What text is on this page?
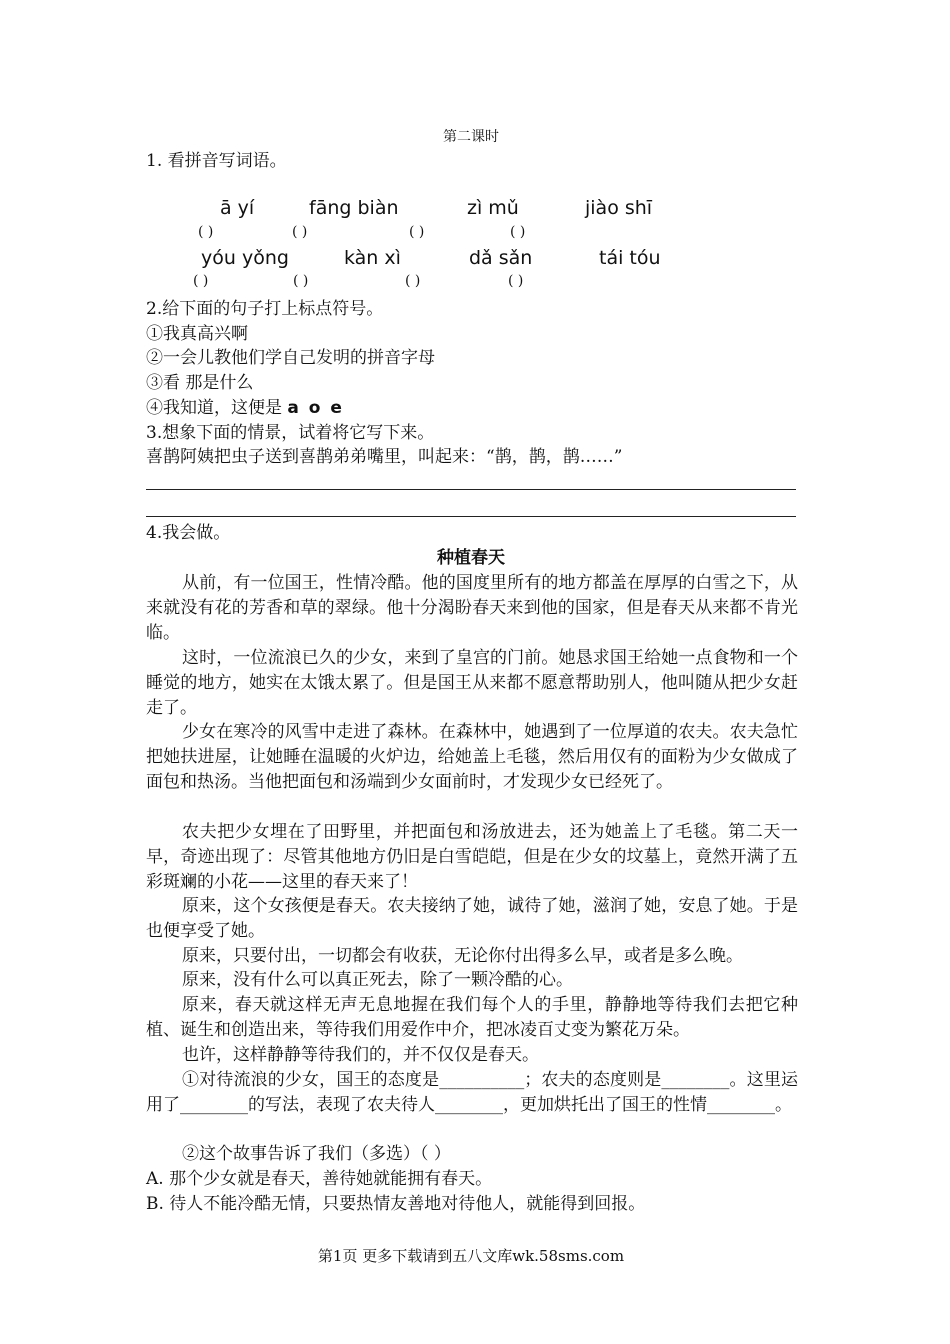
第二课时
1. 看拼音写词语。
ā yí	fāng biàn	zì mǔ	jiào shī
( )	( )	( )	( )
yóu yǒng	kàn xì	dǎ sǎn	tái tóu
( )	( )	( )	( )
2.给下面的句子打上标点符号。
①我真高兴啊
②一会儿教他们学自己发明的拼音字母
③看 那是什么
④我知道，这便是 a o e
3.想象下面的情景，试着将它写下来。
喜鹊阿姨把虫子送到喜鹊弟弟嘴里，叫起来：“鹊，鹊，鹊……”
4.我会做。
种植春天
从前，有一位国王，性情冷酷。他的国度里所有的地方都盖在厚厚的白雪之下，从来就没有花的芳香和草的翠绿。他十分渴盼春天来到他的国家，但是春天从来都不肯光临。
这时，一位流浪已久的少女，来到了皇宫的门前。她恳求国王给她一点食物和一个睡觉的地方，她实在太饿太累了。但是国王从来都不愿意帮助别人，他叫随从把少女赶走了。
少女在寒冷的风雪中走进了森林。在森林中，她遇到了一位厚道的农夫。农夫急忙把她扶进屋，让她睡在温暖的火炉边，给她盖上毛毯，然后用仅有的面粉为少女做成了面包和热汤。当他把面包和汤端到少女面前时，才发现少女已经死了。
农夫把少女埋在了田野里，并把面包和汤放进去，还为她盖上了毛毯。第二天一早，奇迹出现了：尽管其他地方仍旧是白雪皑皑，但是在少女的坟墓上，竟然开满了五彩斑斓的小花——这里的春天来了！
原来，这个女孩便是春天。农夫接纳了她，诚待了她，滋润了她，安息了她。于是也便享受了她。
原来，只要付出，一切都会有收获，无论你付出得多么早，或者是多么晚。
原来，没有什么可以真正死去，除了一颗冷酷的心。
原来，春天就这样无声无息地握在我们每个人的手里，静静地等待我们去把它种植、诞生和创造出来，等待我们用爱作中介，把冰凌百丈变为繁花万朵。
也许，这样静静等待我们的，并不仅仅是春天。
①对待流浪的少女，国王的态度是__________；农夫的态度则是________。这里运用了________的写法，表现了农夫待人________，更加烘托出了国王的性情________。
②这个故事告诉了我们（多选）（ ）
A. 那个少女就是春天，善待她就能拥有春天。
B. 待人不能冷酷无情，只要热情友善地对待他人，就能得到回报。
第1页 更多下载请到五八文库wk.58sms.com
